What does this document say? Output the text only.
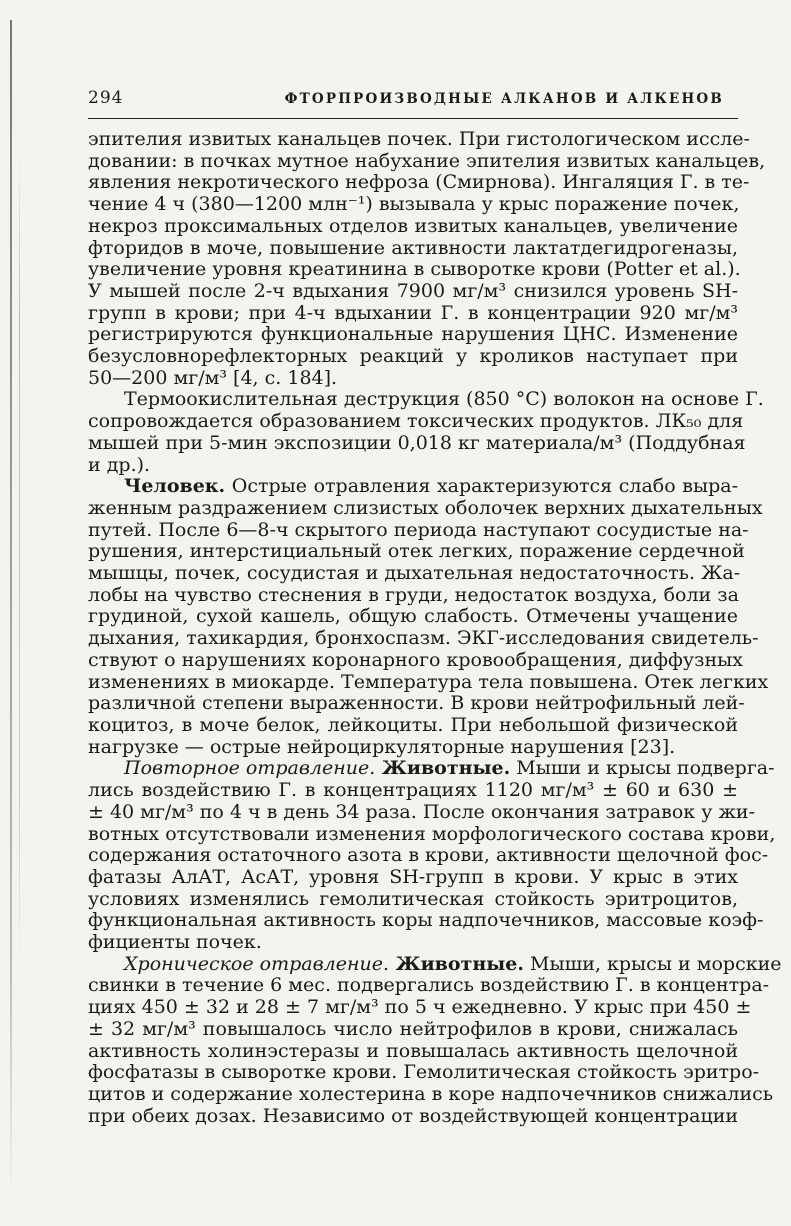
294	ФТОРПРОИЗВОДНЫЕ АЛКАНОВ И АЛКЕНОВ
эпителия извитых канальцев почек. При гистологическом иссле-
довании: в почках мутное набухание эпителия извитых канальцев,
явления некротического нефроза (Смирнова). Ингаляция Г. в те-
чение 4 ч (380—1200 млн⁻¹) вызывала у крыс поражение почек,
некроз проксимальных отделов извитых канальцев, увеличение
фторидов в моче, повышение активности лактатдегидрогеназы,
увеличение уровня креатинина в сыворотке крови (Potter et al.).
У мышей после 2-ч вдыхания 7900 мг/м³ снизился уровень SH-
групп в крови; при 4-ч вдыхании Г. в концентрации 920 мг/м³
регистрируются функциональные нарушения ЦНС. Изменение
безусловнорефлекторных реакций у кроликов наступает при
50—200 мг/м³ [4, с. 184].
Термоокислительная деструкция (850 °C) волокон на основе Г.
сопровождается образованием токсических продуктов. ЛК₅₀ для
мышей при 5-мин экспозиции 0,018 кг материала/м³ (Поддубная
и др.).
Человек. Острые отравления характеризуются слабо выра-
женным раздражением слизистых оболочек верхних дыхательных
путей. После 6—8-ч скрытого периода наступают сосудистые на-
рушения, интерстициальный отек легких, поражение сердечной
мышцы, почек, сосудистая и дыхательная недостаточность. Жа-
лобы на чувство стеснения в груди, недостаток воздуха, боли за
грудиной, сухой кашель, общую слабость. Отмечены учащение
дыхания, тахикардия, бронхоспазм. ЭКГ-исследования свидетель-
ствуют о нарушениях коронарного кровообращения, диффузных
изменениях в миокарде. Температура тела повышена. Отек легких
различной степени выраженности. В крови нейтрофильный лей-
коцитоз, в моче белок, лейкоциты. При небольшой физической
нагрузке — острые нейроциркуляторные нарушения [23].
Повторное отравление. Животные. Мыши и крысы подверга-
лись воздействию Г. в концентрациях 1120 мг/м³ ± 60 и 630 ±
± 40 мг/м³ по 4 ч в день 34 раза. После окончания затравок у жи-
вотных отсутствовали изменения морфологического состава крови,
содержания остаточного азота в крови, активности щелочной фос-
фатазы АлАТ, АсАТ, уровня SH-групп в крови. У крыс в этих
условиях изменялись гемолитическая стойкость эритроцитов,
функциональная активность коры надпочечников, массовые коэф-
фициенты почек.
Хроническое отравление. Животные. Мыши, крысы и морские
свинки в течение 6 мес. подвергались воздействию Г. в концентра-
циях 450 ± 32 и 28 ± 7 мг/м³ по 5 ч ежедневно. У крыс при 450 ±
± 32 мг/м³ повышалось число нейтрофилов в крови, снижалась
активность холинэстеразы и повышалась активность щелочной
фосфатазы в сыворотке крови. Гемолитическая стойкость эритро-
цитов и содержание холестерина в коре надпочечников снижались
при обеих дозах. Независимо от воздействующей концентрации
